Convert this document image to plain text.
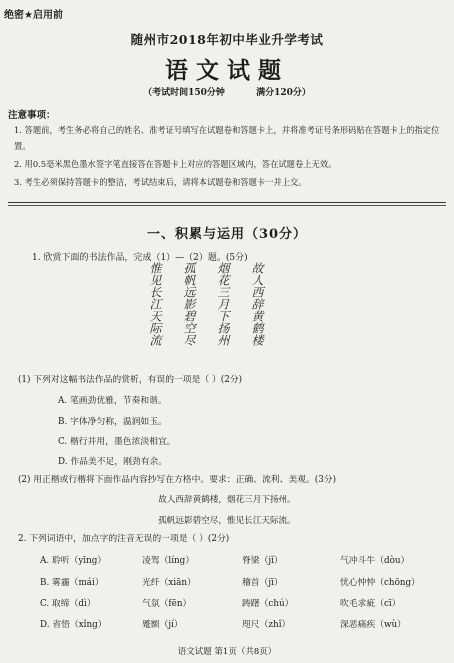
绝密★启用前
随州市2018年初中毕业升学考试
语文试题
（考试时间150分钟	满分120分）
注意事项：
1. 答题前，考生务必将自己的姓名、准考证号填写在试题卷和答题卡上，并将准考证号条形码贴在答题卡上的指定位置。
2. 用0.5毫米黑色墨水签字笔直接答在答题卡上对应的答题区域内，答在试题卷上无效。
3. 考生必须保持答题卡的整洁，考试结束后，请将本试题卷和答题卡一并上交。
一、积累与运用（30分）
1. 欣赏下面的书法作品，完成（1）—（2）题。(5分)
故人西辞黄鹤楼
烟花三月下扬州
孤帆远影碧空尽
惟见长江天际流
(1) 下列对这幅书法作品的赏析，有误的一项是（ ）(2分)
A. 笔画劲优雅，节奏和谐。
B. 字体净匀称，温润如玉。
C. 楷行并用，墨色浓淡相宜。
D. 作品美不足，刚劲有余。
(2) 用正楷或行楷将下面作品内容抄写在方格中。要求：正确、流利、美观。(3分)
故人西辞黄鹤楼，烟花三月下扬州。
孤帆远影碧空尽，惟见长江天际流。
2. 下列词语中，加点字的注音无误的一项是（ ）(2分)
A. 聆听（yīng）	凌驾（líng）	脊梁（jǐ）	气冲斗牛（dòu）
B. 雾霾（mái）	光纤（xiān）	稽首（jī）	忧心忡忡（chōng）
C. 取缔（dì）	气氛（fēn）	踌躇（chú）	吹毛求疵（cī）
D. 省悟（xǐng）	蹙额（jí）	咫尺（zhǐ）	深恶痛疾（wù）
语文试题 第1页（共8页）
